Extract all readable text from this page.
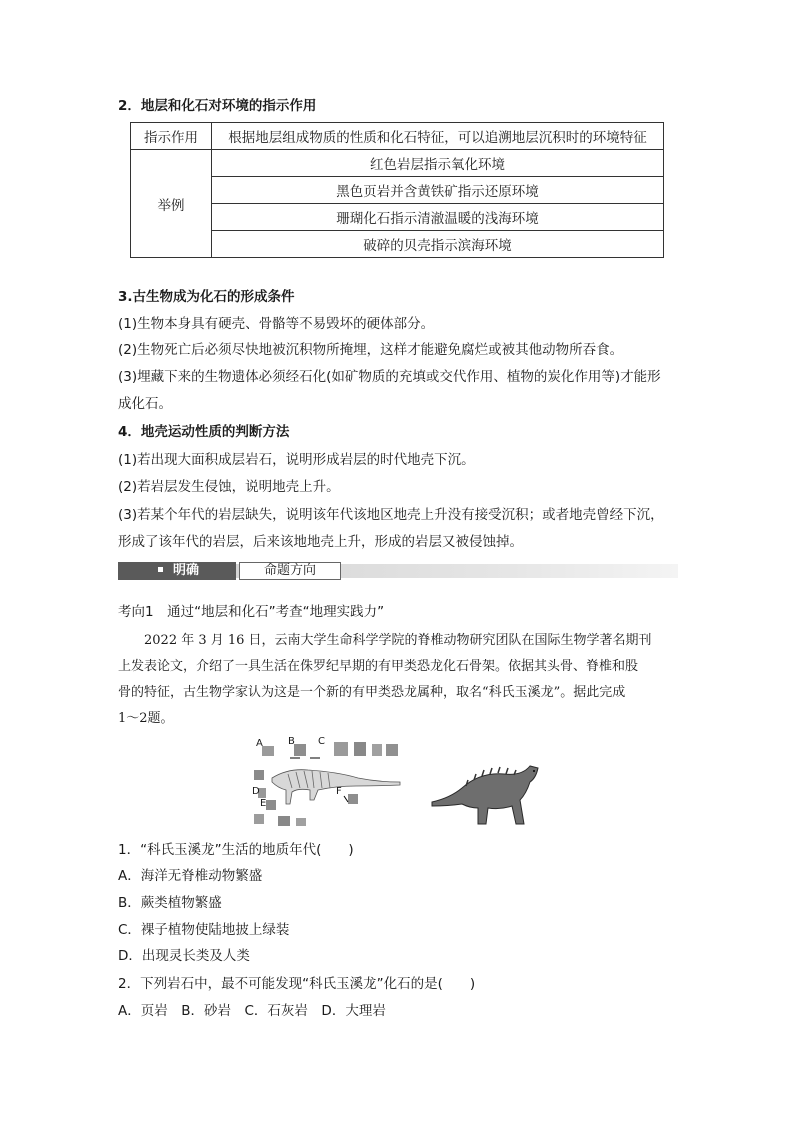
2．地层和化石对环境的指示作用
指示作用	根据地层组成物质的性质和化石特征，可以追溯地层沉积时的环境特征
举例	红色岩层指示氧化环境
	黑色页岩并含黄铁矿指示还原环境
	珊瑚化石指示清澈温暖的浅海环境
	破碎的贝壳指示滨海环境
3.古生物成为化石的形成条件
(1)生物本身具有硬壳、骨骼等不易毁坏的硬体部分。
(2)生物死亡后必须尽快地被沉积物所掩埋，这样才能避免腐烂或被其他动物所吞食。
(3)埋藏下来的生物遗体必须经石化(如矿物质的充填或交代作用、植物的炭化作用等)才能形
成化石。
4．地壳运动性质的判断方法
(1)若出现大面积成层岩石，说明形成岩层的时代地壳下沉。
(2)若岩层发生侵蚀，说明地壳上升。
(3)若某个年代的岩层缺失，说明该年代该地区地壳上升没有接受沉积；或者地壳曾经下沉，
形成了该年代的岩层，后来该地地壳上升，形成的岩层又被侵蚀掉。
明确	命题方向
考向1　通过“地层和化石”考查“地理实践力”
　　2022 年 3 月 16 日，云南大学生命科学学院的脊椎动物研究团队在国际生物学著名期刊
上发表论文，介绍了一具生活在侏罗纪早期的有甲类恐龙化石骨架。依据其头骨、脊椎和股
骨的特征，古生物学家认为这是一个新的有甲类恐龙属种，取名“科氏玉溪龙”。据此完成
1～2题。
A	B C
D
E
F
1．“科氏玉溪龙”生活的地质年代(　　)
A．海洋无脊椎动物繁盛
B．蕨类植物繁盛
C．裸子植物使陆地披上绿装
D．出现灵长类及人类
2．下列岩石中，最不可能发现“科氏玉溪龙”化石的是(　　)
A．页岩　B．砂岩　C．石灰岩　D．大理岩
